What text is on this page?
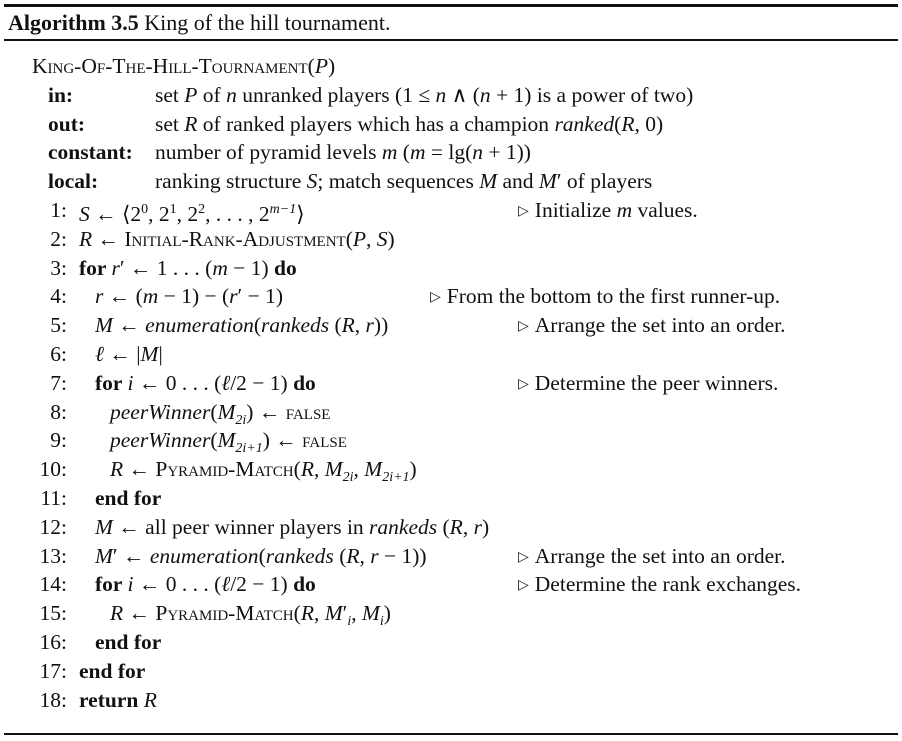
Algorithm 3.5 King of the hill tournament.
King-Of-The-Hill-Tournament(P)
in:	set P of n unranked players (1 ≤ n ∧ (n + 1) is a power of two)
out:	set R of ranked players which has a champion ranked(R, 0)
constant: number of pyramid levels m (m = lg(n + 1))
local:	ranking structure S; match sequences M and M′ of players
1: S ← $⟨2^0$, $2^1$, $2^2$, . . . , $2^{m-1}⟩$	▷ Initialize m values.
2: R ← Initial-Rank-Adjustment(P, S)
3: for r′ ← 1 . . . (m − 1) do
4: r ← (m − 1) − (r′ − 1)	▷ From the bottom to the first runner-up.
5: M ← enumeration(rankeds (R, r))	▷ Arrange the set into an order.
6: ℓ ← |M|
7: for i ← 0 . . . (ℓ/2 − 1) do	▷ Determine the peer winners.
8: $peerWinner(M_{2i})$ ← false
9: $peerWinner(M_{2i+1})$ ← false
10: R ← Pyramid-Match(R, $M_{2i}$, $M_{2i+1}$)
11: end for
12: M ← all peer winner players in rankeds (R, r)
13: M′ ← enumeration(rankeds (R, r − 1))	▷ Arrange the set into an order.
14: for i ← 0 . . . (ℓ/2 − 1) do	▷ Determine the rank exchanges.
15: R ← Pyramid-Match(R, $M'_i$, $M_i$)
16: end for
17: end for
18: return R
